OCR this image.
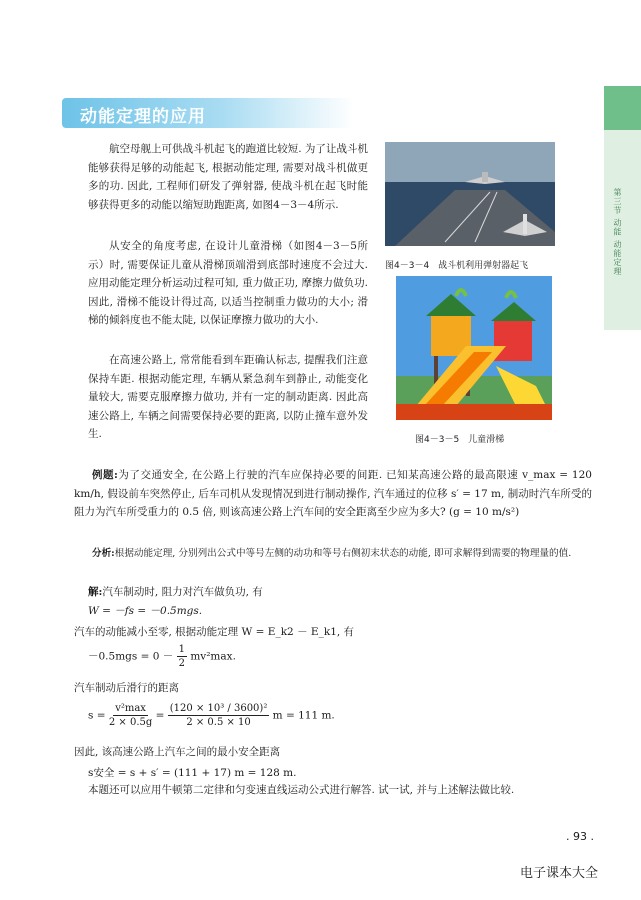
第三节 动能 动能定理
动能定理的应用

航空母舰上可供战斗机起飞的跑道比较短. 为了让战斗机能够获得足够的动能起飞, 根据动能定理, 需要对战斗机做更多的功. 因此, 工程师们研发了弹射器, 使战斗机在起飞时能够获得更多的动能以缩短助跑距离, 如图4－3－4所示.

从安全的角度考虑, 在设计儿童滑梯（如图4－3－5所示）时, 需要保证儿童从滑梯顶端滑到底部时速度不会过大. 应用动能定理分析运动过程可知, 重力做正功, 摩擦力做负功. 因此, 滑梯不能设计得过高, 以适当控制重力做功的大小; 滑梯的倾斜度也不能太陡, 以保证摩擦力做功的大小.

在高速公路上, 常常能看到车距确认标志, 提醒我们注意保持车距. 根据动能定理, 车辆从紧急刹车到静止, 动能变化量较大, 需要克服摩擦力做功, 并有一定的制动距离. 因此高速公路上, 车辆之间需要保持必要的距离, 以防止撞车意外发生.

图4－3－4　战斗机利用弹射器起飞
图4－3－5　儿童滑梯

例题:为了交通安全, 在公路上行驶的汽车应保持必要的间距. 已知某高速公路的最高限速 v_max = 120 km/h, 假设前车突然停止, 后车司机从发现情况到进行制动操作, 汽车通过的位移 s′ = 17 m, 制动时汽车所受的阻力为汽车所受重力的 0.5 倍, 则该高速公路上汽车间的安全距离至少应为多大? (g = 10 m/s²)

分析:根据动能定理, 分别列出公式中等号左侧的动功和等号右侧初末状态的动能, 即可求解得到需要的物理量的值.

解:汽车制动时, 阻力对汽车做负功, 有
W = －fs = －0.5mgs.
汽车的动能减小至零, 根据动能定理 W = E_k2 － E_k1, 有
$-0.5mgs = 0 - \frac{1}{2} mv^2\max$.
汽车制动后滑行的距离
$s = \frac{\text{v²max}}{2 \times 0.5g} = \frac{\text{(120 × 10³ / 3600)²}}{2 \times 0.5 \times 10}$ m = 111 m.
因此, 该高速公路上汽车之间的最小安全距离
s安全 = s + s′ = (111 + 17) m = 128 m.

本题还可以应用牛顿第二定律和匀变速直线运动公式进行解答. 试一试, 并与上述解法做比较.

. 93 .
电子课本大全
